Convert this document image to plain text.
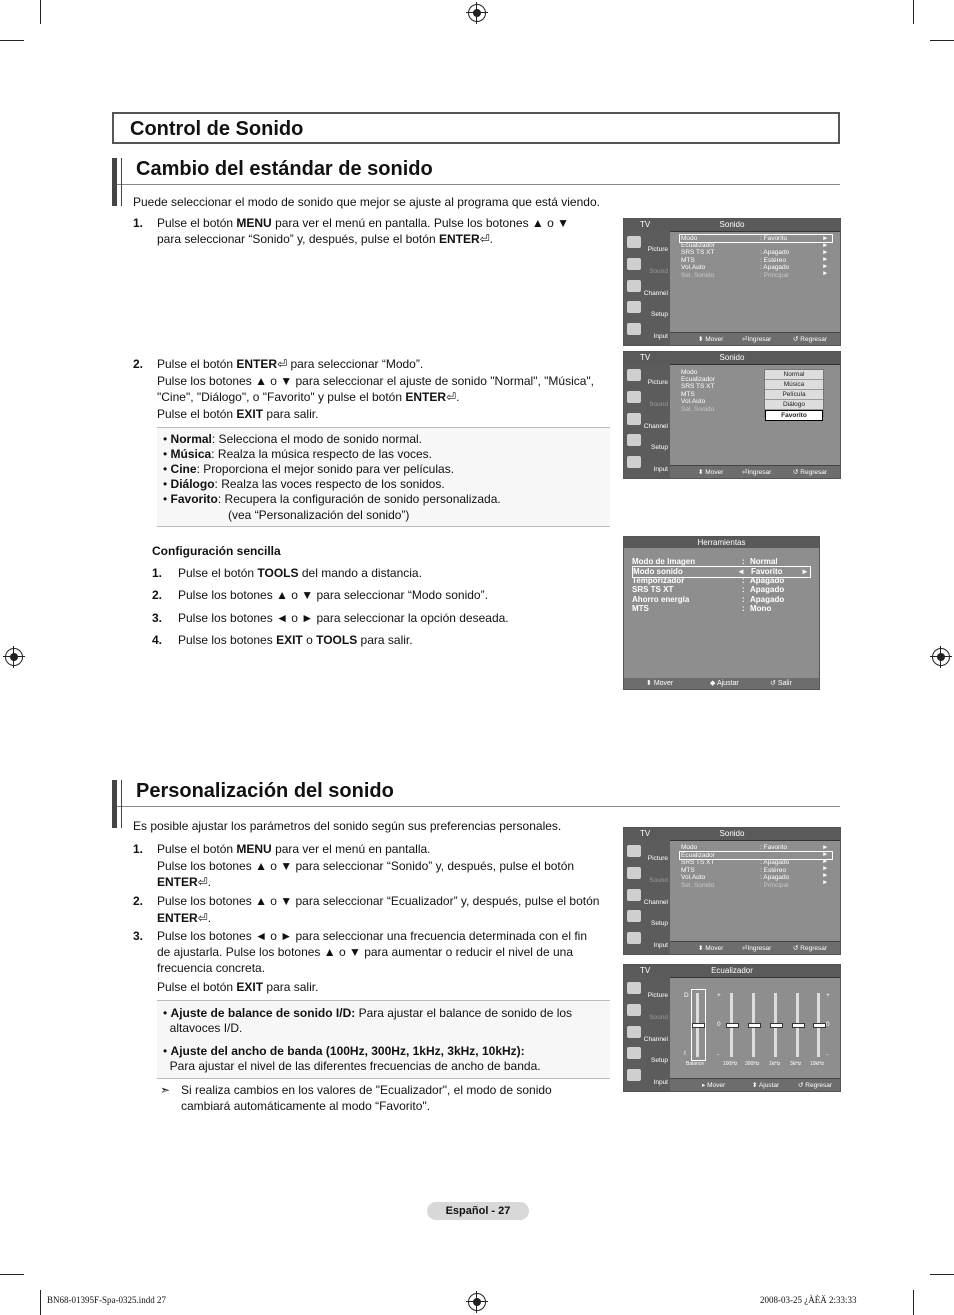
Control de Sonido
Cambio del estándar de sonido
Puede seleccionar el modo de sonido que mejor se ajuste al programa que está viendo.
1. Pulse el botón MENU para ver el menú en pantalla. Pulse los botones ▲ o ▼
para seleccionar “Sonido” y, después, pulse el botón ENTER⏎.
2. Pulse el botón ENTER⏎ para seleccionar “Modo”.
Pulse los botones ▲ o ▼ para seleccionar el ajuste de sonido "Normal", "Música",
"Cine", "Diálogo", o "Favorito" y pulse el botón ENTER⏎.
Pulse el botón EXIT para salir.
• Normal: Selecciona el modo de sonido normal.
• Música: Realza la música respecto de las voces.
• Cine: Proporciona el mejor sonido para ver películas.
• Diálogo: Realza las voces respecto de los sonidos.
• Favorito: Recupera la configuración de sonido personalizada.
(vea “Personalización del sonido”)
Configuración sencilla
1. Pulse el botón TOOLS del mando a distancia.
2. Pulse los botones ▲ o ▼ para seleccionar “Modo sonido”.
3. Pulse los botones ◄ o ► para seleccionar la opción deseada.
4. Pulse los botones EXIT o TOOLS para salir.
TV	Sonido
Picture
Sound
Channel
Setup
Input
Modo	: Favorito
Ecualizador
SRS TS XT	: Apagado
MTS	: Estéreo
Vol.Auto	: Apagado
Sel. Sonido	: Principal
►
►
►
►
►
►
⬍ Mover	⏎Ingresar	↺ Regresar
TV	Sonido
Picture
Sound
Channel
Setup
Input
Modo
Ecualizador
SRS TS XT
MTS
Vol.Auto
Sel. Sonido
Normal
Música
Película
Diálogo
Favorito
⬍ Mover	⏎Ingresar	↺ Regresar
Herramientas
Modo de Imagen	: Normal
Modo sonido	◄ Favorito ►
Temporizador	: Apagado
SRS TS XT	: Apagado
Ahorro energía	: Apagado
MTS	: Mono
⬍ Mover	◆ Ajustar	↺ Salir
Personalización del sonido
Es posible ajustar los parámetros del sonido según sus preferencias personales.
1. Pulse el botón MENU para ver el menú en pantalla.
Pulse los botones ▲ o ▼ para seleccionar “Sonido” y, después, pulse el botón
ENTER⏎.
2. Pulse los botones ▲ o ▼ para seleccionar “Ecualizador” y, después, pulse el botón
ENTER⏎.
3. Pulse los botones ◄ o ► para seleccionar una frecuencia determinada con el fin
de ajustarla. Pulse los botones ▲ o ▼ para aumentar o reducir el nivel de una
frecuencia concreta.
Pulse el botón EXIT para salir.
• Ajuste de balance de sonido I/D: Para ajustar el balance de sonido de los
altavoces I/D.
• Ajuste del ancho de banda (100Hz, 300Hz, 1kHz, 3kHz, 10kHz):
Para ajustar el nivel de las diferentes frecuencias de ancho de banda.
➣ Si realiza cambios en los valores de "Ecualizador", el modo de sonido
cambiará automáticamente al modo “Favorito".
TV	Sonido
Picture
Sound
Channel
Setup
Input
Modo	: Favorito
Ecualizador
SRS TS XT	: Apagado
MTS	: Estéreo
Vol.Auto	: Apagado
Sel. Sonido	: Principal
►
►
►
►
►
►
⬍ Mover	⏎Ingresar	↺ Regresar
TV	Ecualizador
Picture
Sound
Channel
Setup
Input
D
I
+
0
-
+
0
-
Balance	100Hz 300Hz 1kHz 3kHz 10kHz
▸ Mover	⬍ Ajustar	↺ Regresar
Español - 27
BN68-01395F-Spa-0325.indd 27	2008-03-25 ¿ÀÈÄ 2:33:33
